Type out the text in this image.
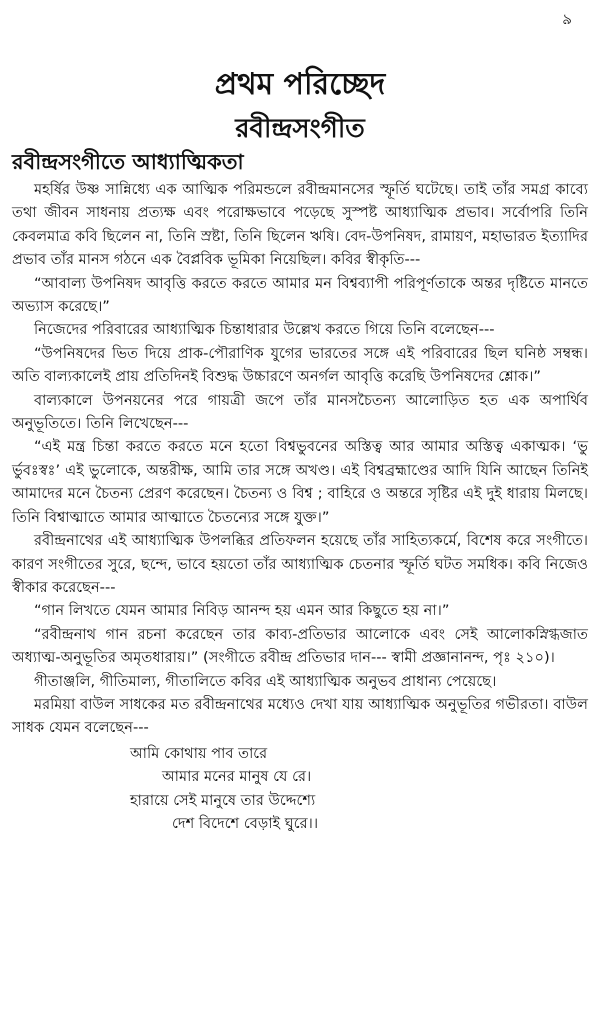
৯
প্রথম পরিচ্ছেদ
রবীন্দ্রসংগীত
রবীন্দ্রসংগীতে আধ্যাত্মিকতা

মহর্ষির উষ্ণ সান্নিধ্যে এক আত্মিক পরিমন্ডলে রবীন্দ্রমানসের স্ফূর্তি ঘটেছে। তাই তাঁর সমগ্র কাব্যে তথা জীবন সাধনায় প্রত্যক্ষ এবং পরোক্ষভাবে পড়েছে সুস্পষ্ট আধ্যাত্মিক প্রভাব। সর্বোপরি তিনি কেবলমাত্র কবি ছিলেন না, তিনি স্রষ্টা, তিনি ছিলেন ঋষি। বেদ-উপনিষদ, রামায়ণ, মহাভারত ইত্যাদির প্রভাব তাঁর মানস গঠনে এক বৈপ্লবিক ভূমিকা নিয়েছিল। কবির স্বীকৃতি---

“আবাল্য উপনিষদ আবৃত্তি করতে করতে আমার মন বিশ্বব্যাপী পরিপূর্ণতাকে অন্তর দৃষ্টিতে মানতে অভ্যাস করেছে।”

নিজেদের পরিবারের আধ্যাত্মিক চিন্তাধারার উল্লেখ করতে গিয়ে তিনি বলেছেন---

“উপনিষদের ভিত দিয়ে প্রাক-পৌরাণিক যুগের ভারতের সঙ্গে এই পরিবারের ছিল ঘনিষ্ঠ সম্বন্ধ। অতি বাল্যকালেই প্রায় প্রতিদিনই বিশুদ্ধ উচ্চারণে অনর্গল আবৃত্তি করেছি উপনিষদের শ্লোক।”

বাল্যকালে উপনয়নের পরে গায়ত্রী জপে তাঁর মানসচৈতন্য আলোড়িত হত এক অপার্থিব অনুভূতিতে। তিনি লিখেছেন---

“এই মন্ত্র চিন্তা করতে করতে মনে হতো বিশ্বভুবনের অস্তিত্ব আর আমার অস্তিত্ব একাত্মক। ‘ভু র্ভুবঃস্বঃ’ এই ভুলোকে, অন্তরীক্ষ, আমি তার সঙ্গে অখণ্ড। এই বিশ্বব্রহ্মাণ্ডের আদি যিনি আছেন তিনিই আমাদের মনে চৈতন্য প্রেরণ করেছেন। চৈতন্য ও বিশ্ব ; বাহিরে ও অন্তরে সৃষ্টির এই দুই ধারায় মিলছে। তিনি বিশ্বাত্মাতে আমার আত্মাতে চৈতন্যের সঙ্গে যুক্ত।”

রবীন্দ্রনাথের এই আধ্যাত্মিক উপলব্ধির প্রতিফলন হয়েছে তাঁর সাহিত্যকর্মে, বিশেষ করে সংগীতে। কারণ সংগীতের সুরে, ছন্দে, ভাবে হয়তো তাঁর আধ্যাত্মিক চেতনার স্ফূর্তি ঘটত সমধিক। কবি নিজেও স্বীকার করেছেন---

“গান লিখতে যেমন আমার নিবিড় আনন্দ হয় এমন আর কিছুতে হয় না।”

“রবীন্দ্রনাথ গান রচনা করেছেন তার কাব্য-প্রতিভার আলোকে এবং সেই আলোকস্নিগ্ধজাত অধ্যাত্ম-অনুভূতির অমৃতধারায়।” (সংগীতে রবীন্দ্র প্রতিভার দান--- স্বামী প্রজ্ঞানানন্দ, পৃঃ ২১০)।

গীতাঞ্জলি, গীতিমাল্য, গীতালিতে কবির এই আধ্যাত্মিক অনুভব প্রাধান্য পেয়েছে।

মরমিয়া বাউল সাধকের মত রবীন্দ্রনাথের মধ্যেও দেখা যায় আধ্যাত্মিক অনুভূতির গভীরতা। বাউল সাধক যেমন বলেছেন---

আমি কোথায় পাব তারে
আমার মনের মানুষ যে রে।
হারায়ে সেই মানুষে তার উদ্দেশ্যে
দেশ বিদেশে বেড়াই ঘুরে।।
